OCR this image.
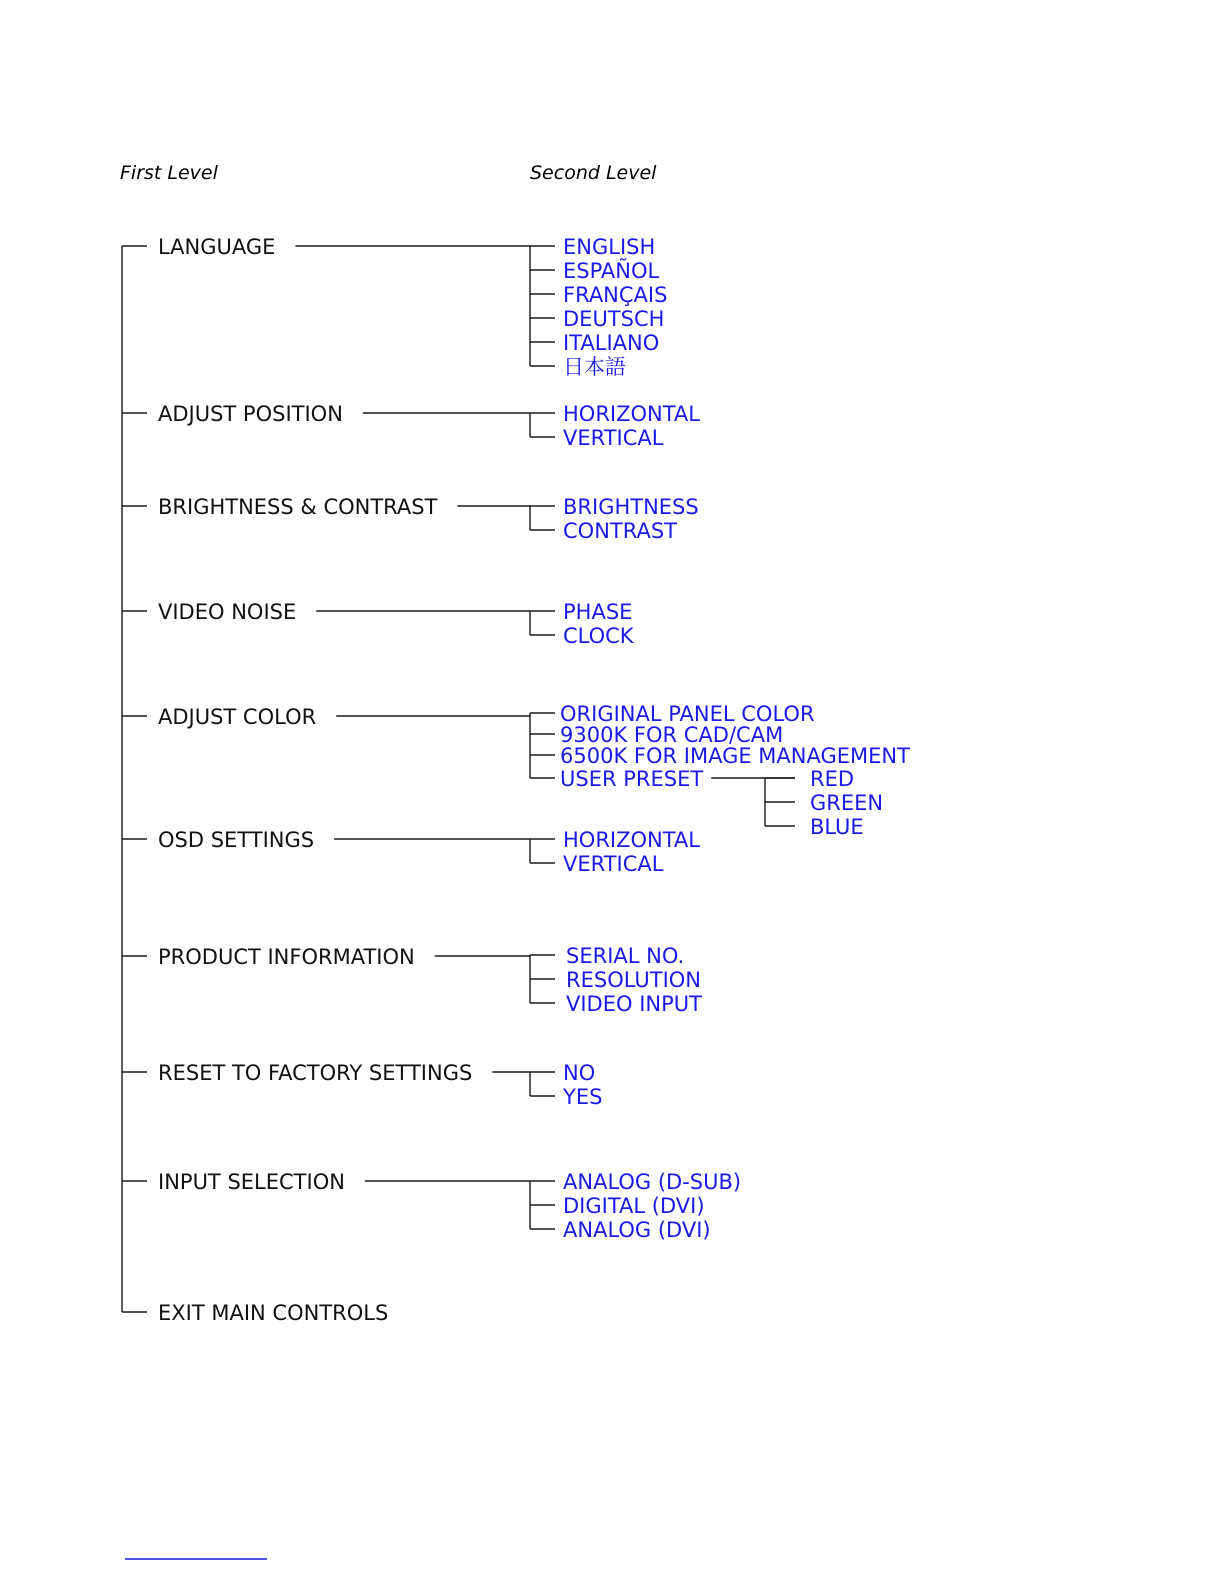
First Level	Second Level
LANGUAGE	ENGLISH
ESPAÑOL
FRANÇAIS
DEUTSCH
ITALIANO
日本語
ADJUST POSITION	HORIZONTAL
VERTICAL
BRIGHTNESS & CONTRAST	BRIGHTNESS
CONTRAST
VIDEO NOISE	PHASE
CLOCK
ADJUST COLOR	ORIGINAL PANEL COLOR
9300K FOR CAD/CAM
6500K FOR IMAGE MANAGEMENT
USER PRESET	RED
GREEN
BLUE
OSD SETTINGS	HORIZONTAL
VERTICAL
PRODUCT INFORMATION	SERIAL NO.
RESOLUTION
VIDEO INPUT
RESET TO FACTORY SETTINGS	NO
YES
INPUT SELECTION	ANALOG (D-SUB)
DIGITAL (DVI)
ANALOG (DVI)
EXIT MAIN CONTROLS
